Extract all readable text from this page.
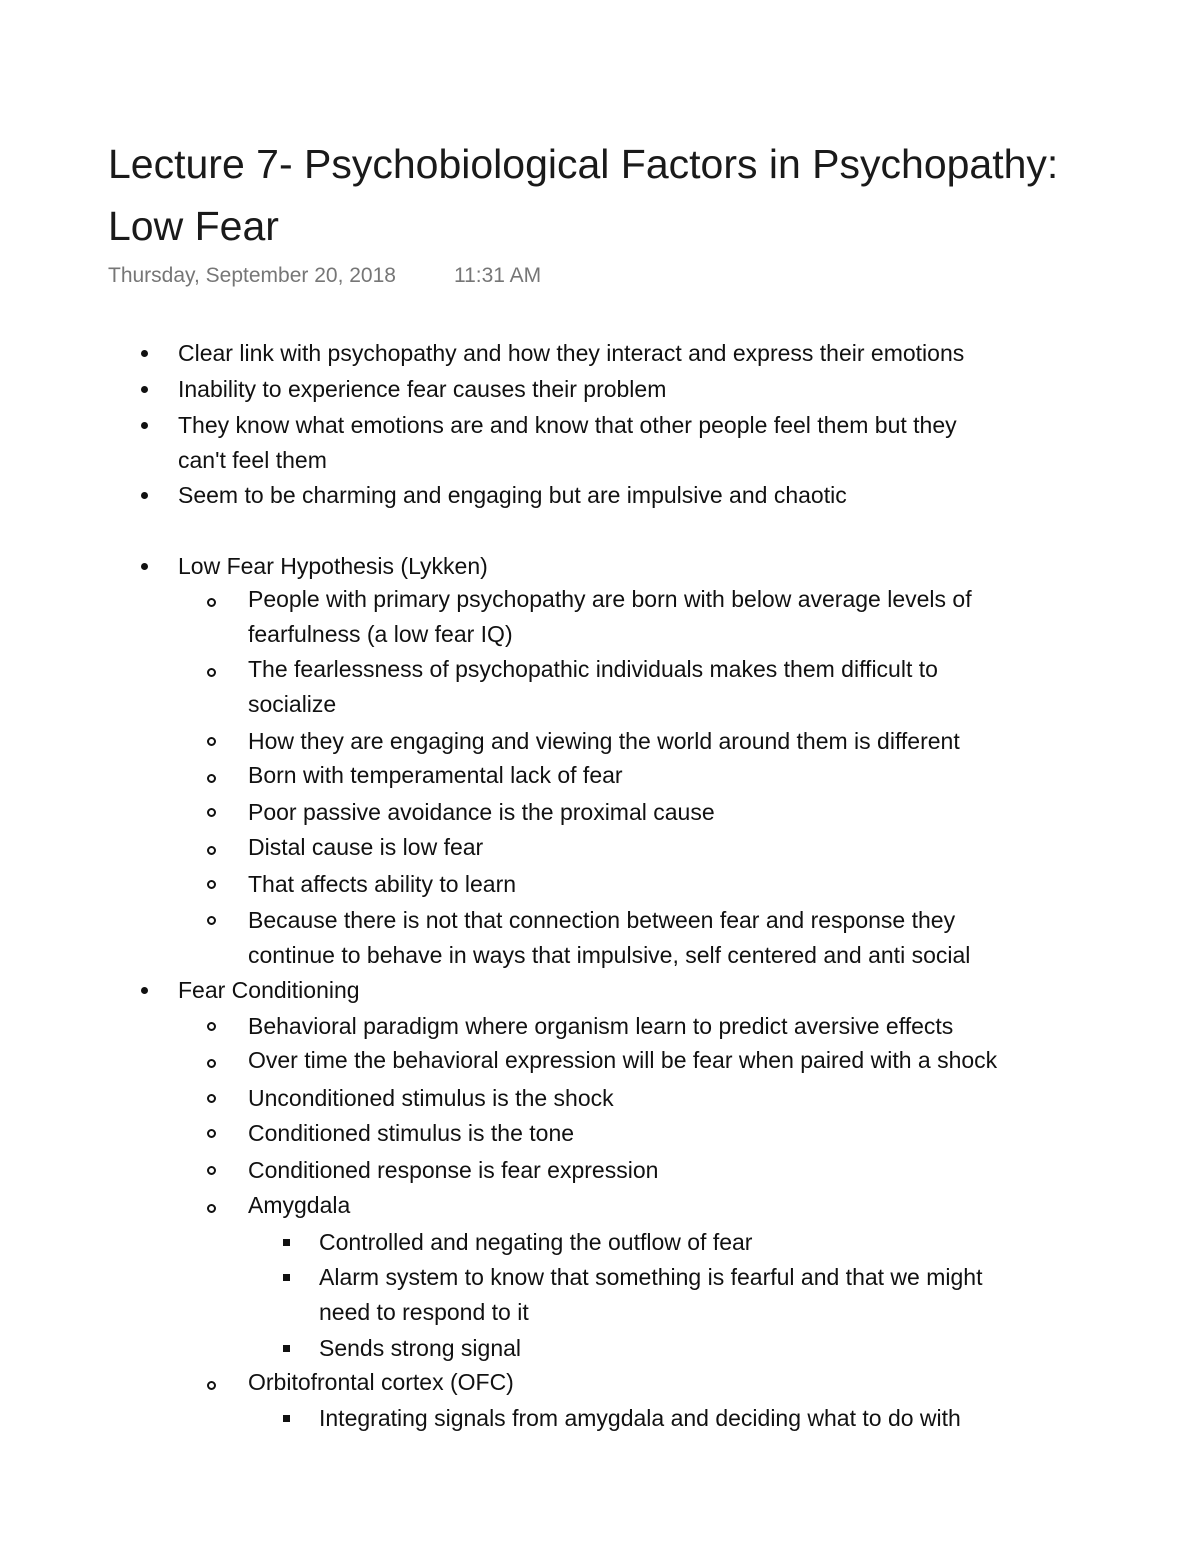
Lecture 7- Psychobiological Factors in Psychopathy:
Low Fear
Thursday, September 20, 2018	11:31 AM
Clear link with psychopathy and how they interact and express their emotions
Inability to experience fear causes their problem
They know what emotions are and know that other people feel them but they
can't feel them
Seem to be charming and engaging but are impulsive and chaotic
Low Fear Hypothesis (Lykken)
People with primary psychopathy are born with below average levels of
fearfulness (a low fear IQ)
The fearlessness of psychopathic individuals makes them difficult to
socialize
How they are engaging and viewing the world around them is different
Born with temperamental lack of fear
Poor passive avoidance is the proximal cause
Distal cause is low fear
That affects ability to learn
Because there is not that connection between fear and response they
continue to behave in ways that impulsive, self centered and anti social
Fear Conditioning
Behavioral paradigm where organism learn to predict aversive effects
Over time the behavioral expression will be fear when paired with a shock
Unconditioned stimulus is the shock
Conditioned stimulus is the tone
Conditioned response is fear expression
Amygdala
Controlled and negating the outflow of fear
Alarm system to know that something is fearful and that we might
need to respond to it
Sends strong signal
Orbitofrontal cortex (OFC)
Integrating signals from amygdala and deciding what to do with
